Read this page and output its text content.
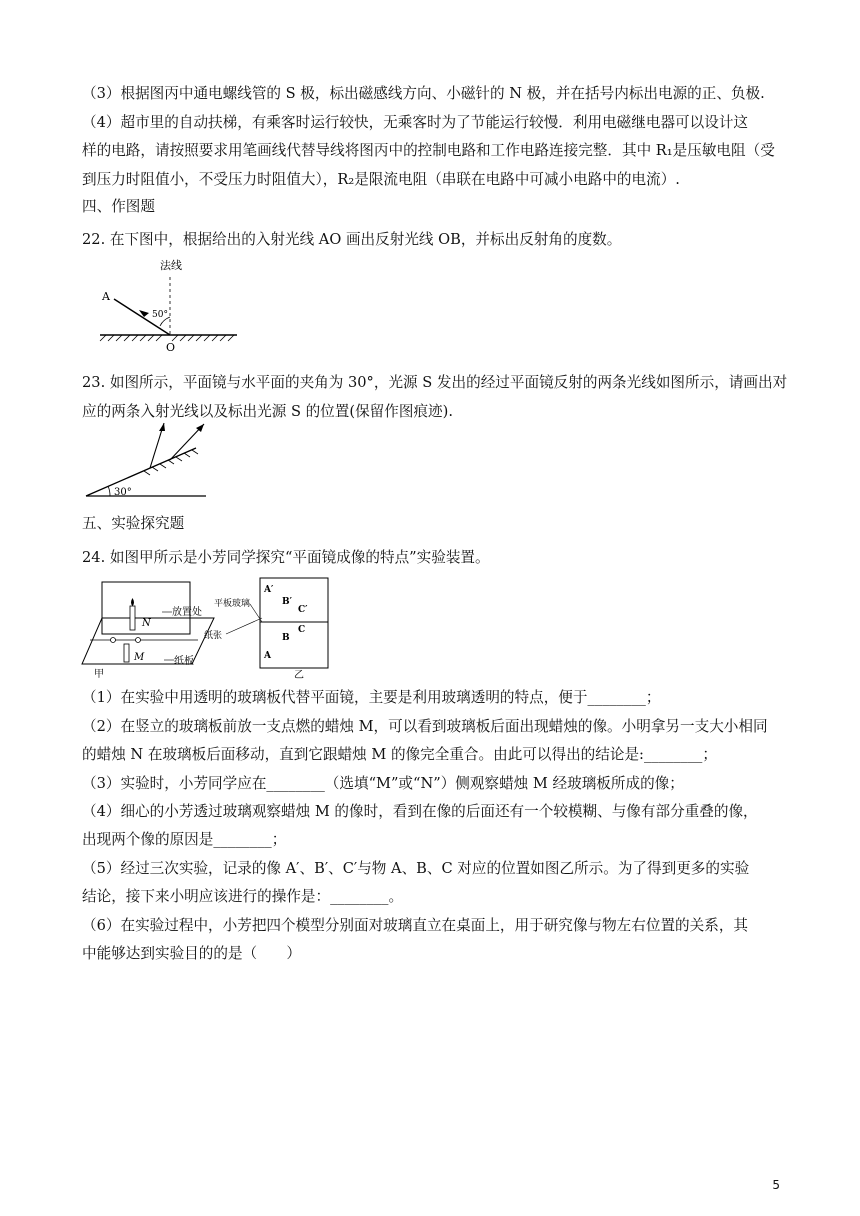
（3）根据图丙中通电螺线管的 S 极，标出磁感线方向、小磁针的 N 极，并在括号内标出电源的正、负极.
（4）超市里的自动扶梯，有乘客时运行较快，无乘客时为了节能运行较慢．利用电磁继电器可以设计这
样的电路，请按照要求用笔画线代替导线将图丙中的控制电路和工作电路连接完整．其中 R₁是压敏电阻（受
到压力时阻值小，不受压力时阻值大），R₂是限流电阻（串联在电路中可减小电路中的电流）.
四、作图题
22. 在下图中，根据给出的入射光线 AO 画出反射光线 OB，并标出反射角的度数。
法线
A
50°
O
23. 如图所示，平面镜与水平面的夹角为 30°，光源 S 发出的经过平面镜反射的两条光线如图所示，请画出对
应的两条入射光线以及标出光源 S 的位置(保留作图痕迹).
30°
五、实验探究题
24. 如图甲所示是小芳同学探究“平面镜成像的特点”实验装置。
N
M
放置处
纸板
甲
平板玻璃
纸张
A′
B′
C′
B
C
A
乙
（1）在实验中用透明的玻璃板代替平面镜，主要是利用玻璃透明的特点，便于________；
（2）在竖立的玻璃板前放一支点燃的蜡烛 M，可以看到玻璃板后面出现蜡烛的像。小明拿另一支大小相同
的蜡烛 N 在玻璃板后面移动，直到它跟蜡烛 M 的像完全重合。由此可以得出的结论是:________；
（3）实验时，小芳同学应在________（选填“M”或“N”）侧观察蜡烛 M 经玻璃板所成的像；
（4）细心的小芳透过玻璃观察蜡烛 M 的像时，看到在像的后面还有一个较模糊、与像有部分重叠的像，
出现两个像的原因是________；
（5）经过三次实验，记录的像 A′、B′、C′与物 A、B、C 对应的位置如图乙所示。为了得到更多的实验
结论，接下来小明应该进行的操作是：________。
（6）在实验过程中，小芳把四个模型分别面对玻璃直立在桌面上，用于研究像与物左右位置的关系，其
中能够达到实验目的的是（　　）
5
